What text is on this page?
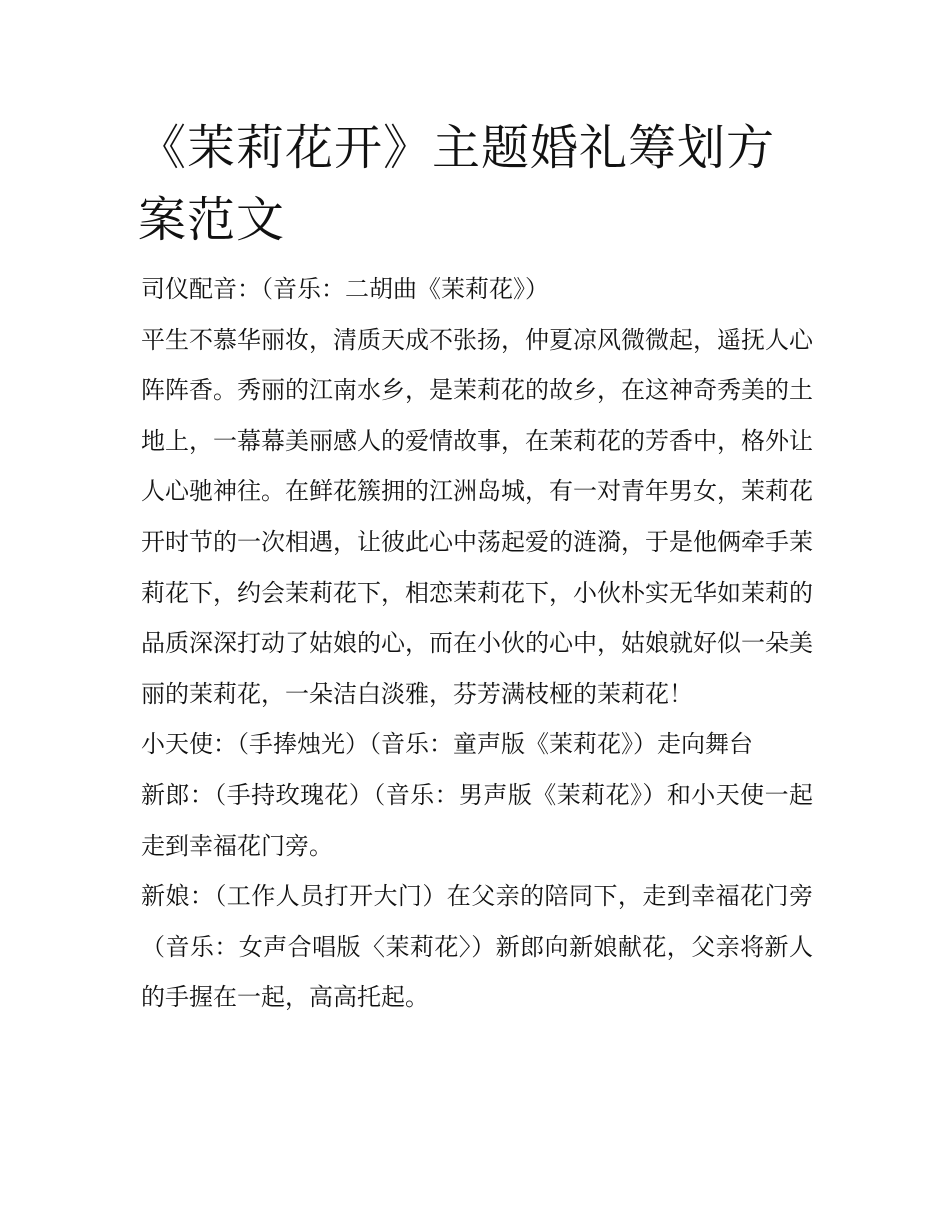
《茉莉花开》主题婚礼筹划方案范文

司仪配音：（音乐：二胡曲《茉莉花》）

平生不慕华丽妆，清质天成不张扬，仲夏凉风微微起，遥抚人心阵阵香。秀丽的江南水乡，是茉莉花的故乡，在这神奇秀美的土地上，一幕幕美丽感人的爱情故事，在茉莉花的芳香中，格外让人心驰神往。在鲜花簇拥的江洲岛城，有一对青年男女，茉莉花开时节的一次相遇，让彼此心中荡起爱的涟漪，于是他俩牵手茉莉花下，约会茉莉花下，相恋茉莉花下，小伙朴实无华如茉莉的品质深深打动了姑娘的心，而在小伙的心中，姑娘就好似一朵美丽的茉莉花，一朵洁白淡雅，芬芳满枝桠的茉莉花！

小天使：（手捧烛光）（音乐：童声版《茉莉花》）走向舞台

新郎：（手持玫瑰花）（音乐：男声版《茉莉花》）和小天使一起走到幸福花门旁。

新娘：（工作人员打开大门）在父亲的陪同下，走到幸福花门旁（音乐：女声合唱版〈茉莉花〉）新郎向新娘献花，父亲将新人的手握在一起，高高托起。
